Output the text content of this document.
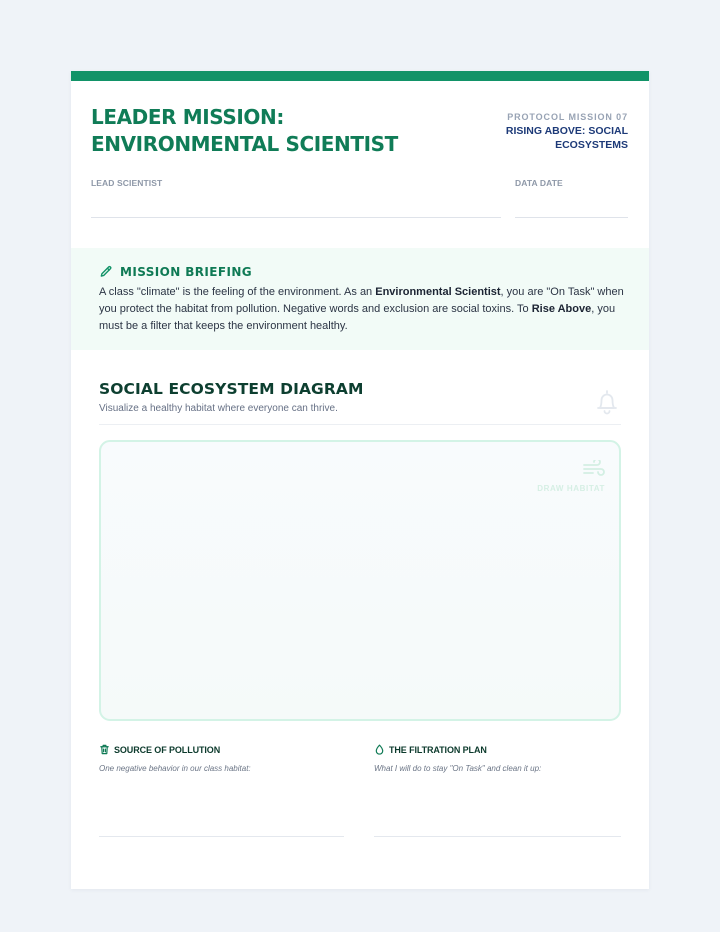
LEADER MISSION:
ENVIRONMENTAL SCIENTIST
PROTOCOL MISSION 07
RISING ABOVE: SOCIAL ECOSYSTEMS
LEAD SCIENTIST	DATA DATE
MISSION BRIEFING

A class "climate" is the feeling of the environment. As an Environmental Scientist, you are "On Task" when you protect the habitat from pollution. Negative words and exclusion are social toxins. To Rise Above, you must be a filter that keeps the environment healthy.

SOCIAL ECOSYSTEM DIAGRAM
Visualize a healthy habitat where everyone can thrive.
DRAW HABITAT
SOURCE OF POLLUTION
One negative behavior in our class habitat:
THE FILTRATION PLAN
What I will do to stay "On Task" and clean it up:
